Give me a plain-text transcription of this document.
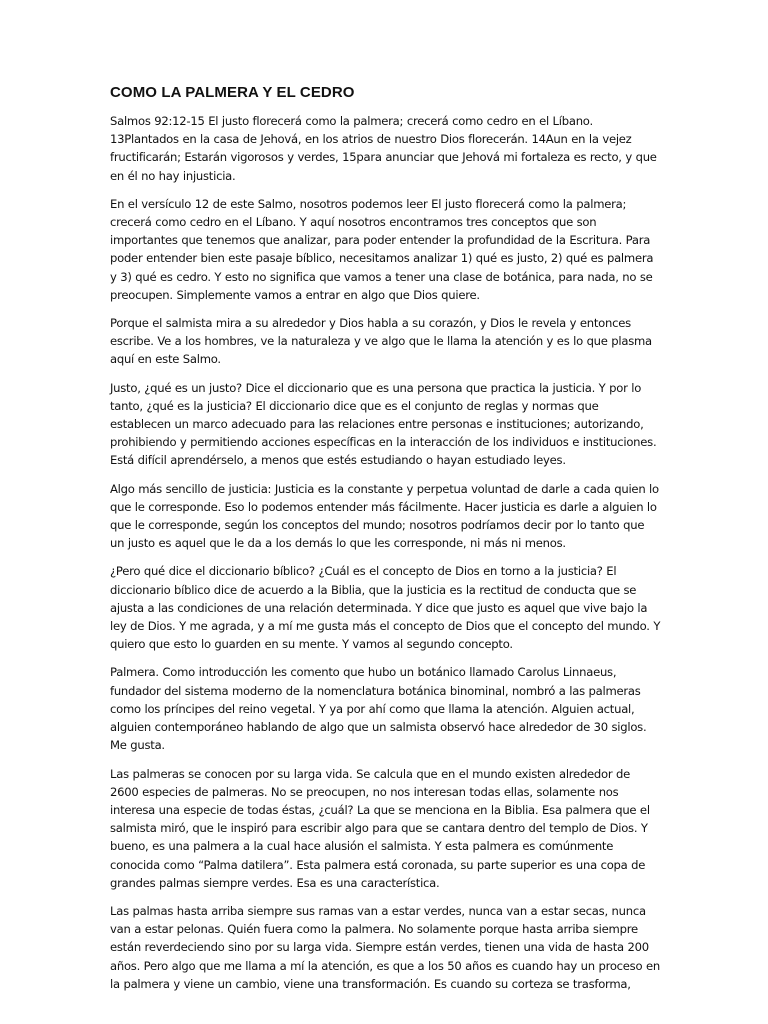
COMO LA PALMERA Y EL CEDRO

Salmos 92:12-15 El justo florecerá como la palmera; crecerá como cedro en el Líbano. 13Plantados en la casa de Jehová, en los atrios de nuestro Dios florecerán. 14Aun en la vejez fructificarán; Estarán vigorosos y verdes, 15para anunciar que Jehová mi fortaleza es recto, y que en él no hay injusticia.

En el versículo 12 de este Salmo, nosotros podemos leer El justo florecerá como la palmera; crecerá como cedro en el Líbano. Y aquí nosotros encontramos tres conceptos que son importantes que tenemos que analizar, para poder entender la profundidad de la Escritura. Para poder entender bien este pasaje bíblico, necesitamos analizar 1) qué es justo, 2) qué es palmera y 3) qué es cedro. Y esto no significa que vamos a tener una clase de botánica, para nada, no se preocupen. Simplemente vamos a entrar en algo que Dios quiere.

Porque el salmista mira a su alrededor y Dios habla a su corazón, y Dios le revela y entonces escribe. Ve a los hombres, ve la naturaleza y ve algo que le llama la atención y es lo que plasma aquí en este Salmo.

Justo, ¿qué es un justo? Dice el diccionario que es una persona que practica la justicia. Y por lo tanto, ¿qué es la justicia? El diccionario dice que es el conjunto de reglas y normas que establecen un marco adecuado para las relaciones entre personas e instituciones; autorizando, prohibiendo y permitiendo acciones específicas en la interacción de los individuos e instituciones. Está difícil aprendérselo, a menos que estés estudiando o hayan estudiado leyes.

Algo más sencillo de justicia: Justicia es la constante y perpetua voluntad de darle a cada quien lo que le corresponde. Eso lo podemos entender más fácilmente. Hacer justicia es darle a alguien lo que le corresponde, según los conceptos del mundo; nosotros podríamos decir por lo tanto que un justo es aquel que le da a los demás lo que les corresponde, ni más ni menos.

¿Pero qué dice el diccionario bíblico? ¿Cuál es el concepto de Dios en torno a la justicia? El diccionario bíblico dice de acuerdo a la Biblia, que la justicia es la rectitud de conducta que se ajusta a las condiciones de una relación determinada. Y dice que justo es aquel que vive bajo la ley de Dios. Y me agrada, y a mí me gusta más el concepto de Dios que el concepto del mundo. Y quiero que esto lo guarden en su mente. Y vamos al segundo concepto.

Palmera. Como introducción les comento que hubo un botánico llamado Carolus Linnaeus, fundador del sistema moderno de la nomenclatura botánica binominal, nombró a las palmeras como los príncipes del reino vegetal. Y ya por ahí como que llama la atención. Alguien actual, alguien contemporáneo hablando de algo que un salmista observó hace alrededor de 30 siglos. Me gusta.

Las palmeras se conocen por su larga vida. Se calcula que en el mundo existen alrededor de 2600 especies de palmeras. No se preocupen, no nos interesan todas ellas, solamente nos interesa una especie de todas éstas, ¿cuál? La que se menciona en la Biblia. Esa palmera que el salmista miró, que le inspiró para escribir algo para que se cantara dentro del templo de Dios. Y bueno, es una palmera a la cual hace alusión el salmista. Y esta palmera es comúnmente conocida como “Palma datilera”. Esta palmera está coronada, su parte superior es una copa de grandes palmas siempre verdes. Esa es una característica.

Las palmas hasta arriba siempre sus ramas van a estar verdes, nunca van a estar secas, nunca van a estar pelonas. Quién fuera como la palmera. No solamente porque hasta arriba siempre están reverdeciendo sino por su larga vida. Siempre están verdes, tienen una vida de hasta 200 años. Pero algo que me llama a mí la atención, es que a los 50 años es cuando hay un proceso en la palmera y viene un cambio, viene una transformación. Es cuando su corteza se trasforma,
